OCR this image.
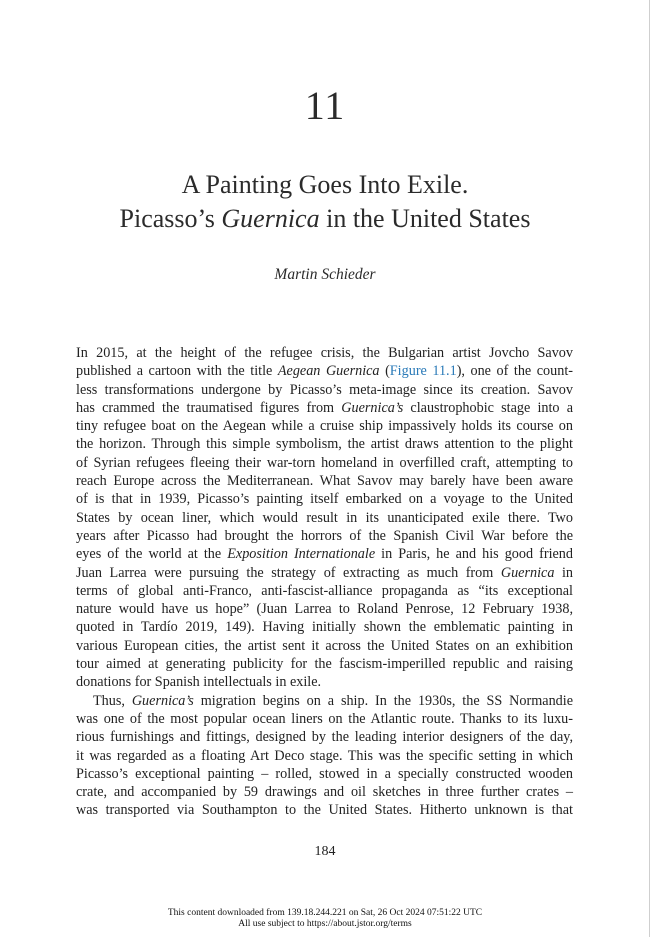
11
A Painting Goes Into Exile.
Picasso’s Guernica in the United States
Martin Schieder
In 2015, at the height of the refugee crisis, the Bulgarian artist Jovcho Savov
published a cartoon with the title Aegean Guernica (Figure 11.1), one of the count-
less transformations undergone by Picasso’s meta-image since its creation. Savov
has crammed the traumatised figures from Guernica’s claustrophobic stage into a
tiny refugee boat on the Aegean while a cruise ship impassively holds its course on
the horizon. Through this simple symbolism, the artist draws attention to the plight
of Syrian refugees fleeing their war-torn homeland in overfilled craft, attempting to
reach Europe across the Mediterranean. What Savov may barely have been aware
of is that in 1939, Picasso’s painting itself embarked on a voyage to the United
States by ocean liner, which would result in its unanticipated exile there. Two
years after Picasso had brought the horrors of the Spanish Civil War before the
eyes of the world at the Exposition Internationale in Paris, he and his good friend
Juan Larrea were pursuing the strategy of extracting as much from Guernica in
terms of global anti-Franco, anti-fascist-alliance propaganda as “its exceptional
nature would have us hope” (Juan Larrea to Roland Penrose, 12 February 1938,
quoted in Tardío 2019, 149). Having initially shown the emblematic painting in
various European cities, the artist sent it across the United States on an exhibition
tour aimed at generating publicity for the fascism-imperilled republic and raising
donations for Spanish intellectuals in exile.
Thus, Guernica’s migration begins on a ship. In the 1930s, the SS Normandie
was one of the most popular ocean liners on the Atlantic route. Thanks to its luxu-
rious furnishings and fittings, designed by the leading interior designers of the day,
it was regarded as a floating Art Deco stage. This was the specific setting in which
Picasso’s exceptional painting – rolled, stowed in a specially constructed wooden
crate, and accompanied by 59 drawings and oil sketches in three further crates –
was transported via Southampton to the United States. Hitherto unknown is that
184
This content downloaded from 139.18.244.221 on Sat, 26 Oct 2024 07:51:22 UTC
All use subject to https://about.jstor.org/terms
